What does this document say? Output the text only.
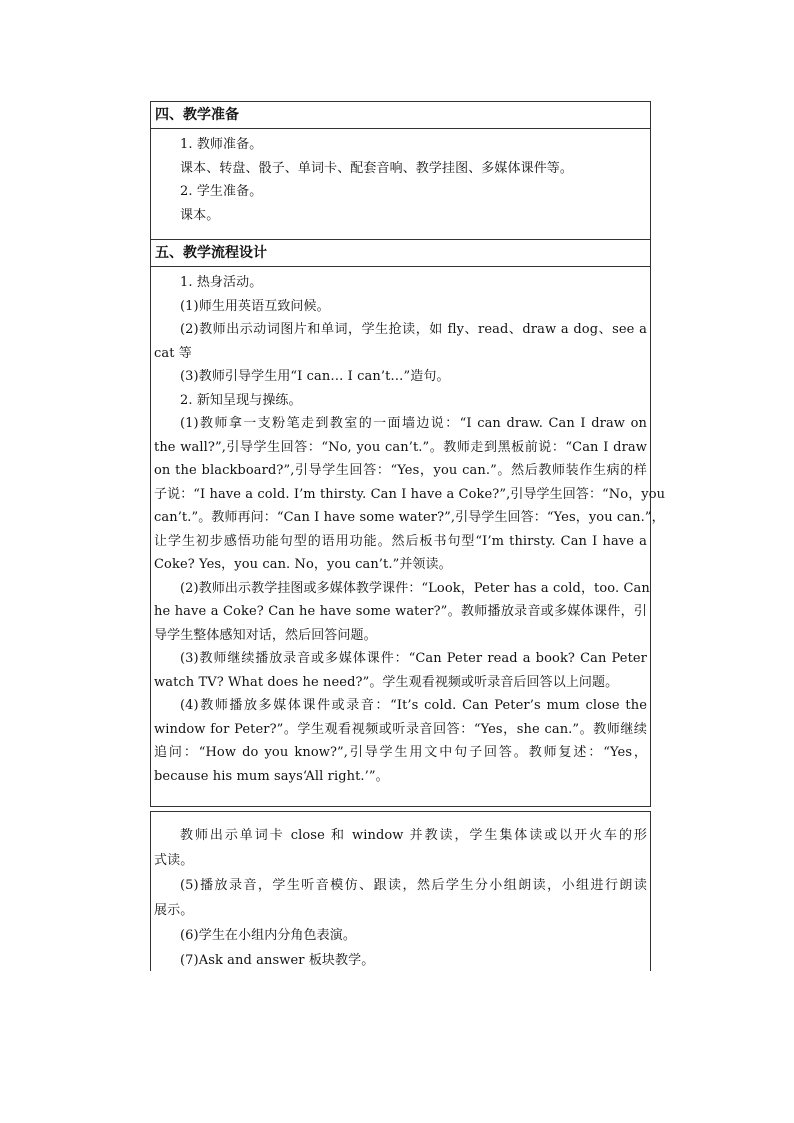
四、教学准备

1. 教师准备。

课本、转盘、骰子、单词卡、配套音响、教学挂图、多媒体课件等。

2. 学生准备。

课本。

五、教学流程设计

1. 热身活动。

(1)师生用英语互致问候。

(2)教师出示动词图片和单词，学生抢读，如 fly、read、draw a dog、see a

cat 等

(3)教师引导学生用“I can… I can’t…”造句。

2. 新知呈现与操练。

(1)教师拿一支粉笔走到教室的一面墙边说：“I can draw. Can I draw on

the wall?”,引导学生回答：“No, you can’t.”。教师走到黑板前说：“Can I draw

on the blackboard?”,引导学生回答：“Yes，you can.”。然后教师装作生病的样

子说：“I have a cold. I’m thirsty. Can I have a Coke?”,引导学生回答：“No，you

can’t.”。教师再问：“Can I have some water?”,引导学生回答：“Yes，you can.”，

让学生初步感悟功能句型的语用功能。然后板书句型“I’m thirsty. Can I have a

Coke? Yes，you can. No，you can’t.”并领读。

(2)教师出示教学挂图或多媒体教学课件：“Look，Peter has a cold，too. Can

he have a Coke? Can he have some water?”。教师播放录音或多媒体课件，引

导学生整体感知对话，然后回答问题。

(3)教师继续播放录音或多媒体课件：“Can Peter read a book? Can Peter

watch TV? What does he need?”。学生观看视频或听录音后回答以上问题。

(4)教师播放多媒体课件或录音：“It’s cold. Can Peter’s mum close the

window for Peter?”。学生观看视频或听录音回答：“Yes，she can.”。教师继续

追问：“How do you know?”,引导学生用文中句子回答。教师复述：“Yes，

because his mum says‘All right.’”。

教师出示单词卡 close 和 window 并教读，学生集体读或以开火车的形

式读。

(5)播放录音，学生听音模仿、跟读，然后学生分小组朗读，小组进行朗读

展示。

(6)学生在小组内分角色表演。

(7)Ask and answer 板块教学。
